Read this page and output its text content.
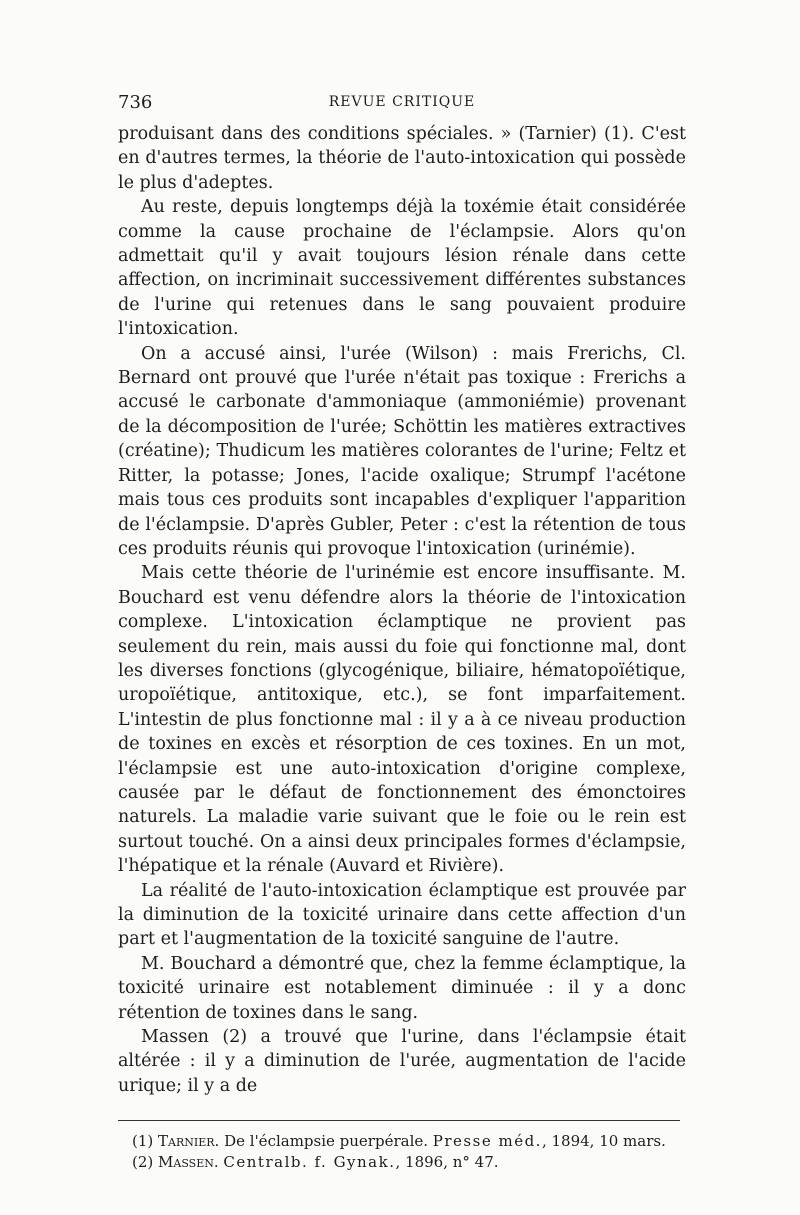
736	REVUE CRITIQUE

produisant dans des conditions spéciales. » (Tarnier) (1). C'est en d'autres termes, la théorie de l'auto-intoxication qui possède le plus d'adeptes.

Au reste, depuis longtemps déjà la toxémie était considérée comme la cause prochaine de l'éclampsie. Alors qu'on admettait qu'il y avait toujours lésion rénale dans cette affection, on incriminait successivement différentes substances de l'urine qui retenues dans le sang pouvaient produire l'intoxication.

On a accusé ainsi, l'urée (Wilson) : mais Frerichs, Cl. Bernard ont prouvé que l'urée n'était pas toxique : Frerichs a accusé le carbonate d'ammoniaque (ammoniémie) provenant de la décomposition de l'urée; Schöttin les matières extractives (créatine); Thudicum les matières colorantes de l'urine; Feltz et Ritter, la potasse; Jones, l'acide oxalique; Strumpf l'acétone mais tous ces produits sont incapables d'expliquer l'apparition de l'éclampsie. D'après Gubler, Peter : c'est la rétention de tous ces produits réunis qui provoque l'intoxication (urinémie).

Mais cette théorie de l'urinémie est encore insuffisante. M. Bouchard est venu défendre alors la théorie de l'intoxication complexe. L'intoxication éclamptique ne provient pas seulement du rein, mais aussi du foie qui fonctionne mal, dont les diverses fonctions (glycogénique, biliaire, hématopoïétique, uropoïétique, antitoxique, etc.), se font imparfaitement. L'intestin de plus fonctionne mal : il y a à ce niveau production de toxines en excès et résorption de ces toxines. En un mot, l'éclampsie est une auto-intoxication d'origine complexe, causée par le défaut de fonctionnement des émonctoires naturels. La maladie varie suivant que le foie ou le rein est surtout touché. On a ainsi deux principales formes d'éclampsie, l'hépatique et la rénale (Auvard et Rivière).

La réalité de l'auto-intoxication éclamptique est prouvée par la diminution de la toxicité urinaire dans cette affection d'un part et l'augmentation de la toxicité sanguine de l'autre.

M. Bouchard a démontré que, chez la femme éclamptique, la toxicité urinaire est notablement diminuée : il y a donc rétention de toxines dans le sang.

Massen (2) a trouvé que l'urine, dans l'éclampsie était altérée : il y a diminution de l'urée, augmentation de l'acide urique; il y a de

(1) Tarnier. De l'éclampsie puerpérale. Presse méd., 1894, 10 mars.
(2) Massen. Centralb. f. Gynak., 1896, n° 47.
